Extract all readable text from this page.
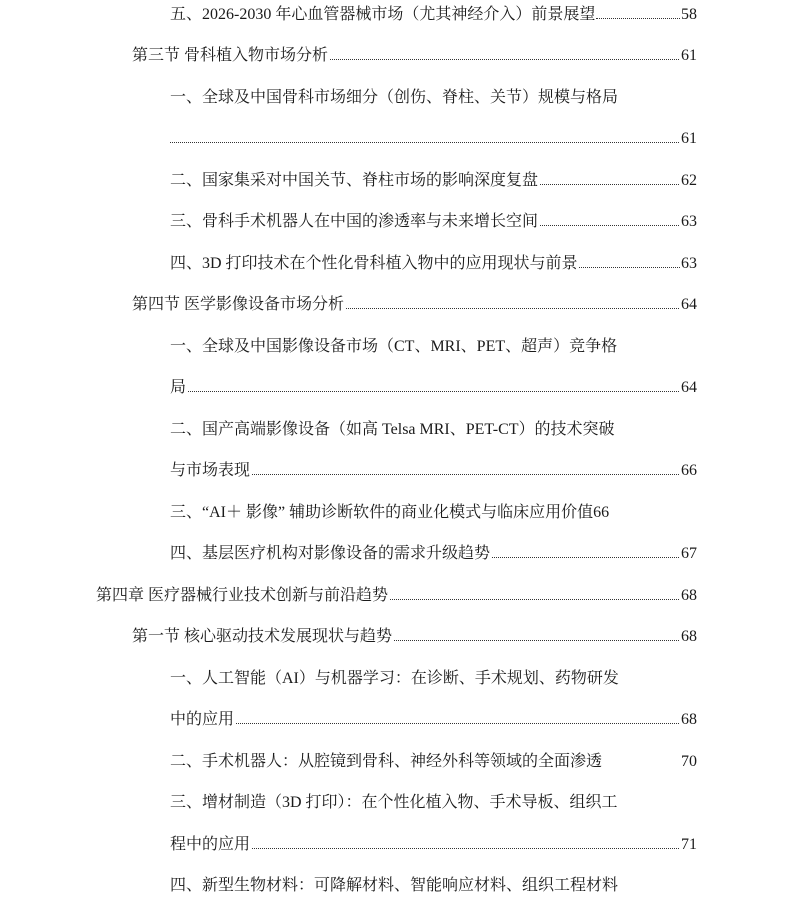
五、2026-2030 年心血管器械市场（尤其神经介入）前景展望	58
第三节 骨科植入物市场分析	61
一、全球及中国骨科市场细分（创伤、脊柱、关节）规模与格局
61
二、国家集采对中国关节、脊柱市场的影响深度复盘	62
三、骨科手术机器人在中国的渗透率与未来增长空间	63
四、3D 打印技术在个性化骨科植入物中的应用现状与前景	63
第四节 医学影像设备市场分析	64
一、全球及中国影像设备市场（CT、MRI、PET、超声）竞争格
局	64
二、国产高端影像设备（如高 Telsa MRI、PET-CT）的技术突破
与市场表现	66
三、“AI＋ 影像” 辅助诊断软件的商业化模式与临床应用价值 66
四、基层医疗机构对影像设备的需求升级趋势	67
第四章 医疗器械行业技术创新与前沿趋势	68
第一节 核心驱动技术发展现状与趋势	68
一、人工智能（AI）与机器学习：在诊断、手术规划、药物研发
中的应用	68
二、手术机器人：从腔镜到骨科、神经外科等领域的全面渗透	70
三、增材制造（3D 打印）：在个性化植入物、手术导板、组织工
程中的应用	71
四、新型生物材料：可降解材料、智能响应材料、组织工程材料
